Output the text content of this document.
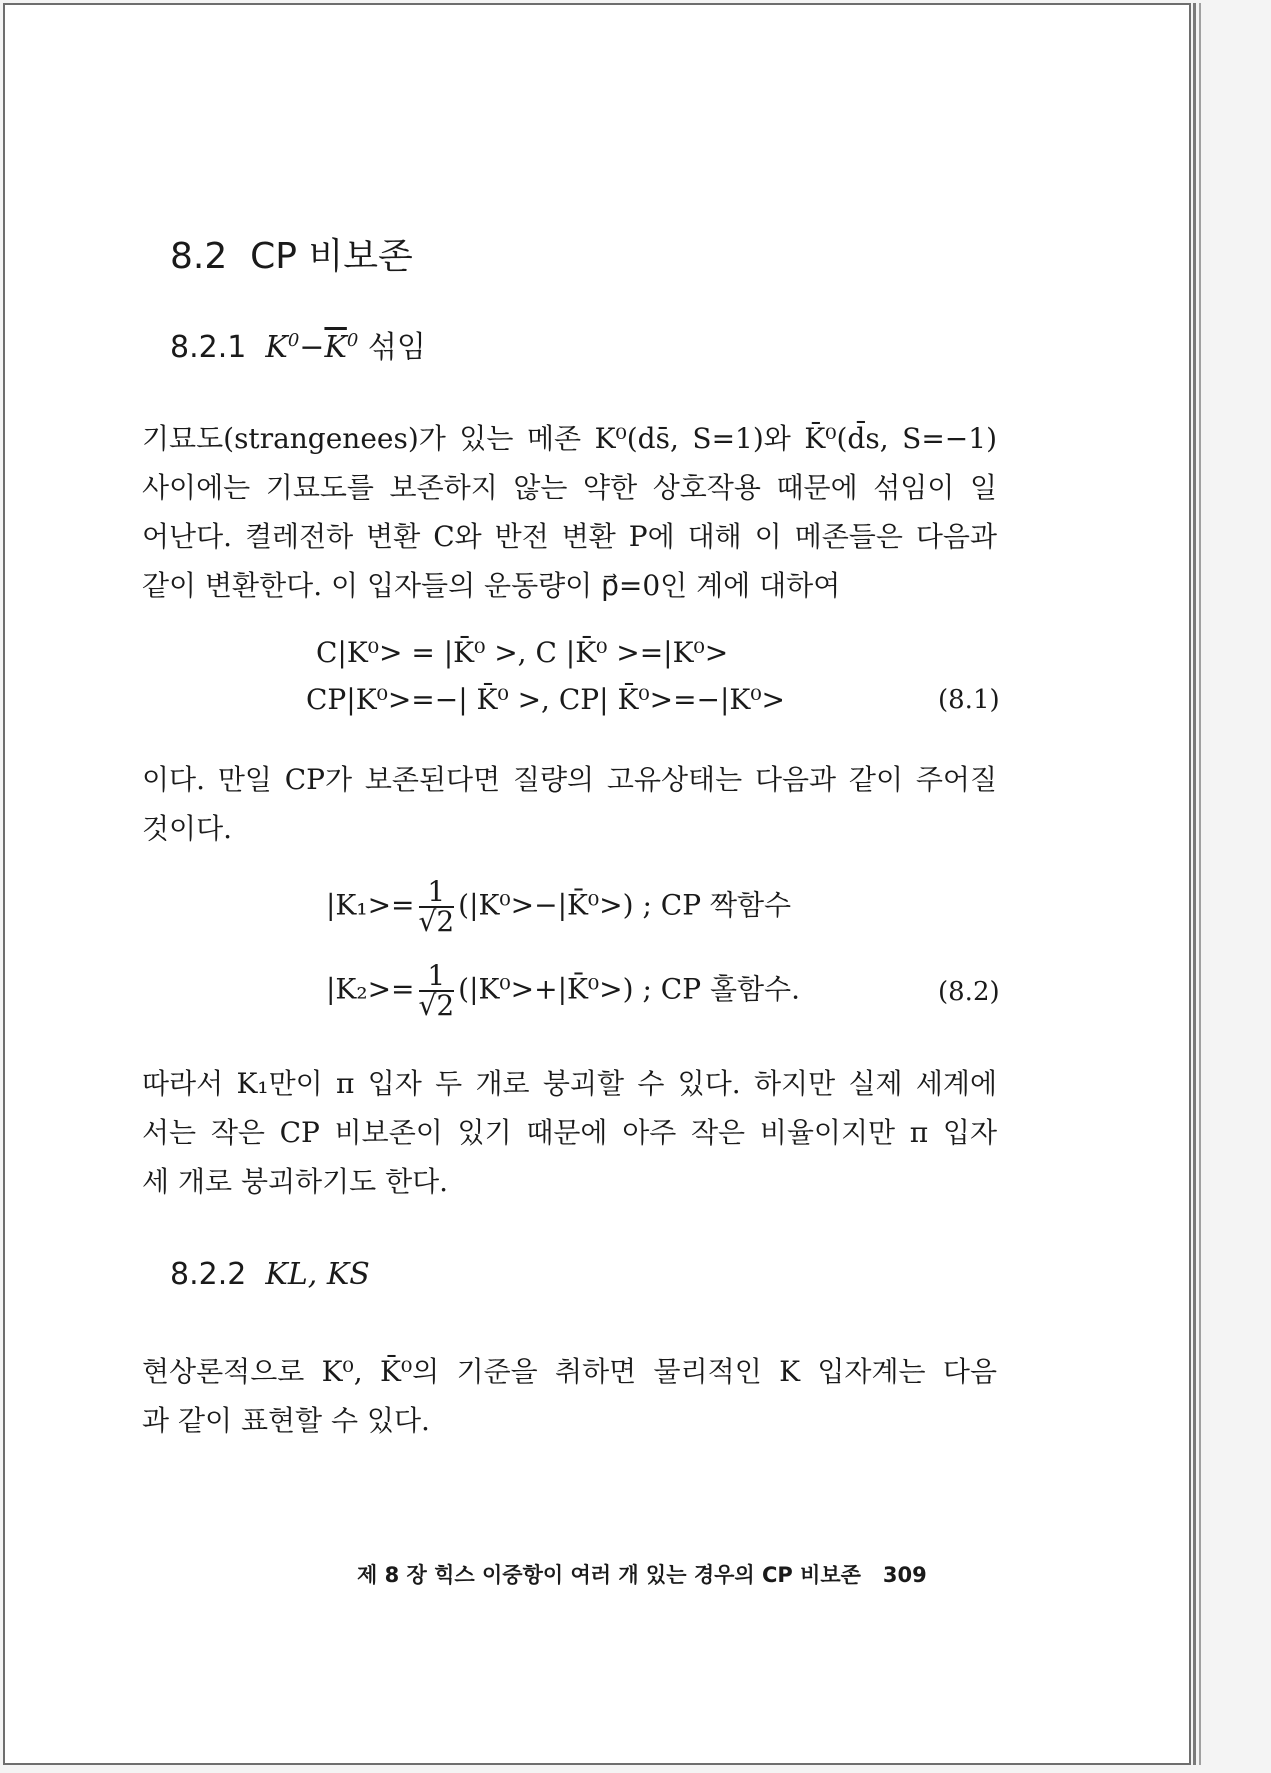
8.2 CP 비보존
8.2.1 $K^0-\overline{K}^0$ 섞임
기묘도(strangenees)가 있는 메존 K⁰(ds̄, S=1)와 K̄⁰(d̄s, S=−1)
사이에는 기묘도를 보존하지 않는 약한 상호작용 때문에 섞임이 일
어난다. 켤레전하 변환 C와 반전 변환 P에 대해 이 메존들은 다음과
같이 변환한다. 이 입자들의 운동량이 p⃗=0인 계에 대하여
C|K⁰> = |K̄⁰ >, C |K̄⁰ >=|K⁰>
CP|K⁰>=−| K̄⁰ >, CP| K̄⁰>=−|K⁰>	(8.1)
이다. 만일 CP가 보존된다면 질량의 고유상태는 다음과 같이 주어질
것이다.
$|K_1>= \frac{1}{√2}$ (|K⁰>−|K̄⁰>) ; CP 짝함수
$|K_2>= \frac{1}{√2}$ (|K⁰>+|K̄⁰>) ; CP 홀함수.	(8.2)
따라서 K₁만이 π 입자 두 개로 붕괴할 수 있다. 하지만 실제 세계에
서는 작은 CP 비보존이 있기 때문에 아주 작은 비율이지만 π 입자
세 개로 붕괴하기도 한다.
8.2.2 KL, KS
현상론적으로 K⁰, K̄⁰의 기준을 취하면 물리적인 K 입자계는 다음
과 같이 표현할 수 있다.
제 8 장 힉스 이중항이 여러 개 있는 경우의 CP 비보존 309
